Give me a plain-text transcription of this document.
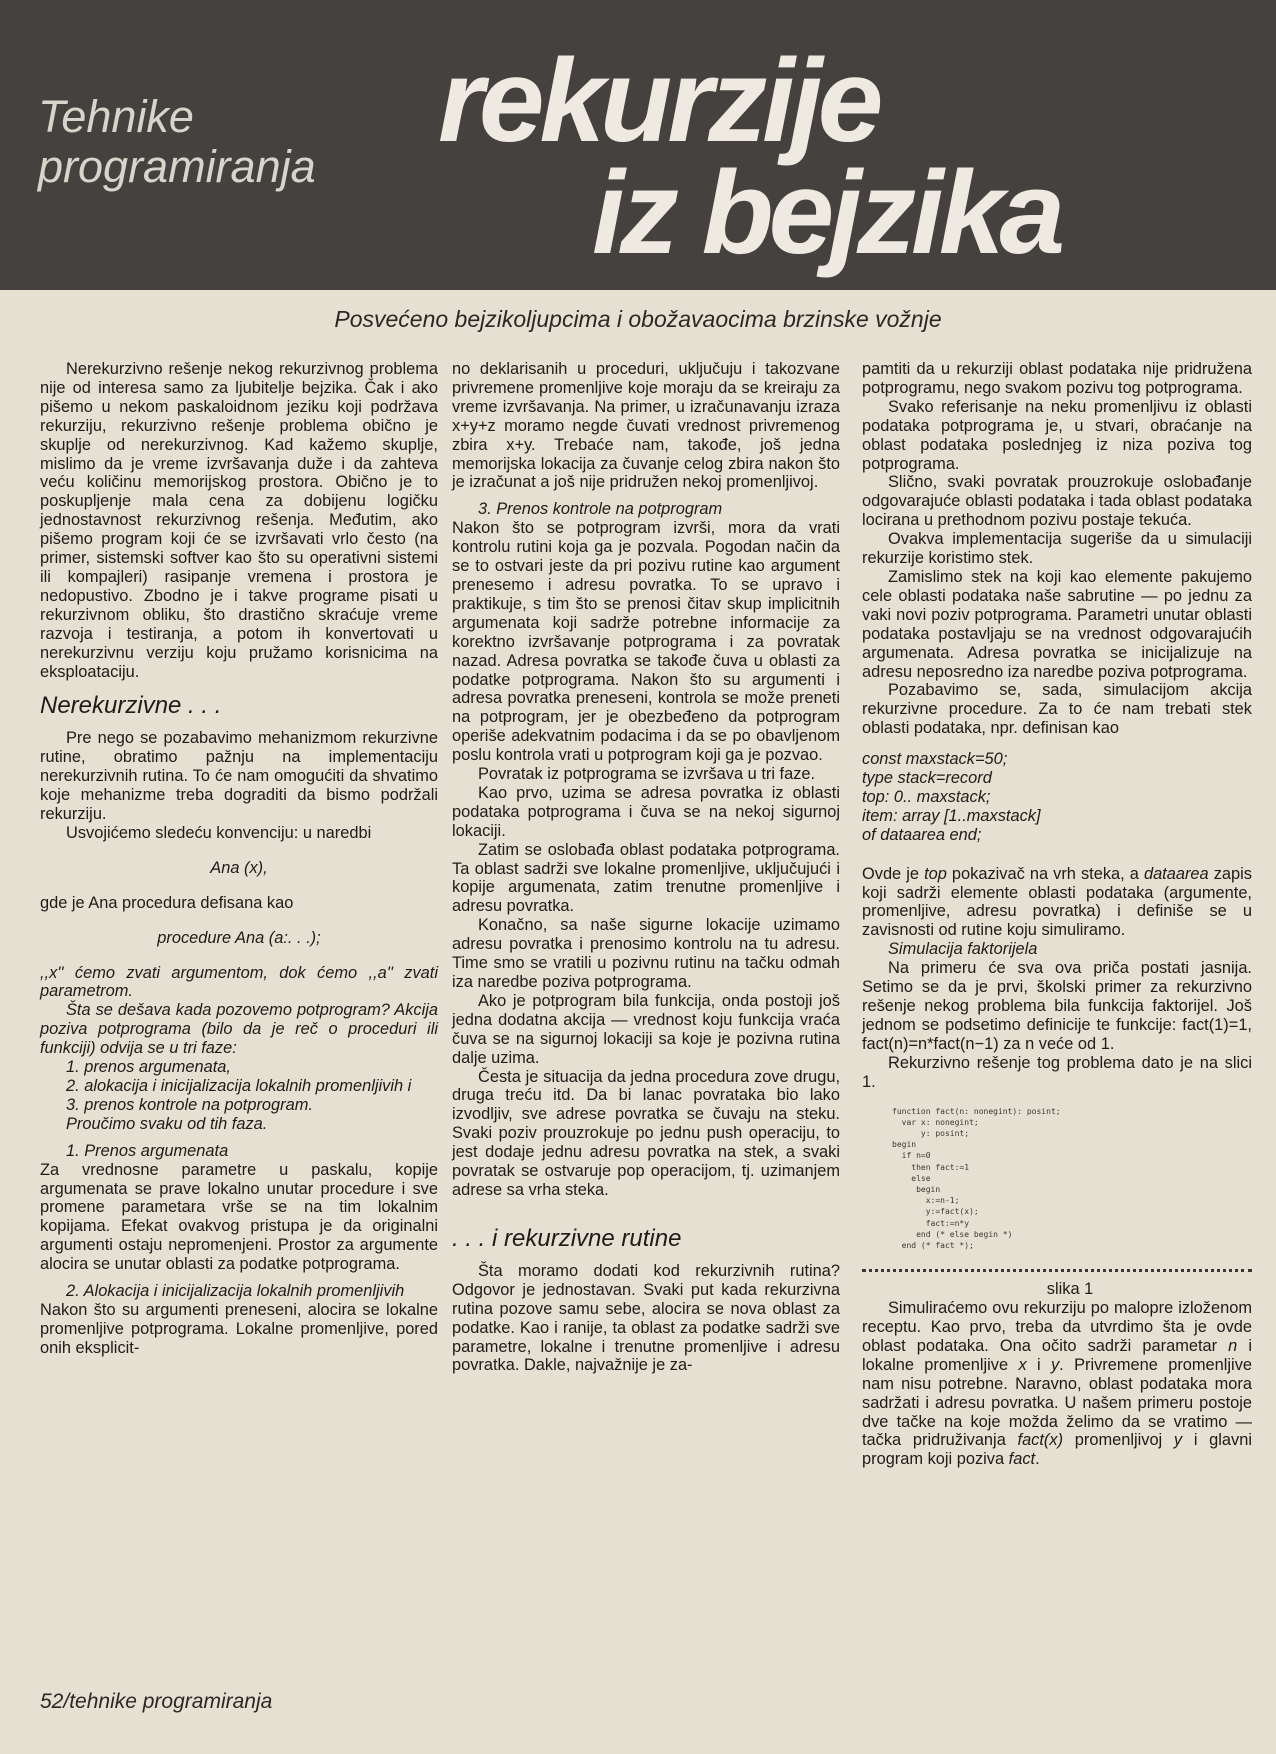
Tehnike
programiranja rekurzije
iz bejzika
Posvećeno bejzikoljupcima i obožavaocima brzinske vožnje

Nerekurzivno rešenje nekog rekurzivnog problema nije od interesa samo za ljubitelje bejzika. Čak i ako pišemo u nekom paskaloidnom jeziku koji podržava rekurziju, rekurzivno rešenje problema obično je skuplje od nerekurzivnog. Kad kažemo skuplje, mislimo da je vreme izvršavanja duže i da zahteva veću količinu memorijskog prostora. Obično je to poskupljenje mala cena za dobijenu logičku jednostavnost rekurzivnog rešenja. Međutim, ako pišemo program koji će se izvršavati vrlo često (na primer, sistemski softver kao što su operativni sistemi ili kompajleri) rasipanje vremena i prostora je nedopustivo. Zbodno je i takve programe pisati u rekurzivnom obliku, što drastično skraćuje vreme razvoja i testiranja, a potom ih konvertovati u nerekurzivnu verziju koju pružamo korisnicima na eksploataciju.

Nerekurzivne . . .

Pre nego se pozabavimo mehanizmom rekurzivne rutine, obratimo pažnju na implementaciju nerekurzivnih rutina. To će nam omogućiti da shvatimo koje mehanizme treba dograditi da bismo podržali rekurziju.

Usvojićemo sledeću konvenciju: u naredbi

Ana (x),

gde je Ana procedura defisana kao

procedure Ana (a:. . .);

,,x'' ćemo zvati argumentom, dok ćemo ,,a'' zvati parametrom.

Šta se dešava kada pozovemo potprogram? Akcija poziva potprograma (bilo da je reč o proceduri ili funkciji) odvija se u tri faze:

1. prenos argumenata,

2. alokacija i inicijalizacija lokalnih promenljivih i

3. prenos kontrole na potprogram.

Proučimo svaku od tih faza.

1. Prenos argumenata

Za vrednosne parametre u paskalu, kopije argumenata se prave lokalno unutar procedure i sve promene parametara vrše se na tim lokalnim kopijama. Efekat ovakvog pristupa je da originalni argumenti ostaju nepromenjeni. Prostor za argumente alocira se unutar oblasti za podatke potprograma.

2. Alokacija i inicijalizacija lokalnih promenljivih

Nakon što su argumenti preneseni, alocira se lokalne promenljive potprograma. Lokalne promenljive, pored onih eksplicit-

no deklarisanih u proceduri, uključuju i takozvane privremene promenljive koje moraju da se kreiraju za vreme izvršavanja. Na primer, u izračunavanju izraza x+y+z moramo negde čuvati vrednost privremenog zbira x+y. Trebaće nam, takođe, još jedna memorijska lokacija za čuvanje celog zbira nakon što je izračunat a još nije pridružen nekoj promenljivoj.

3. Prenos kontrole na potprogram

Nakon što se potprogram izvrši, mora da vrati kontrolu rutini koja ga je pozvala. Pogodan način da se to ostvari jeste da pri pozivu rutine kao argument prenesemo i adresu povratka. To se upravo i praktikuje, s tim što se prenosi čitav skup implicitnih argumenata koji sadrže potrebne informacije za korektno izvršavanje potprograma i za povratak nazad. Adresa povratka se takođe čuva u oblasti za podatke potprograma. Nakon što su argumenti i adresa povratka preneseni, kontrola se može preneti na potprogram, jer je obezbeđeno da potprogram operiše adekvatnim podacima i da se po obavljenom poslu kontrola vrati u potprogram koji ga je pozvao.

Povratak iz potprograma se izvršava u tri faze.

Kao prvo, uzima se adresa povratka iz oblasti podataka potprograma i čuva se na nekoj sigurnoj lokaciji.

Zatim se oslobađa oblast podataka potprograma. Ta oblast sadrži sve lokalne promenljive, uključujući i kopije argumenata, zatim trenutne promenljive i adresu povratka.

Konačno, sa naše sigurne lokacije uzimamo adresu povratka i prenosimo kontrolu na tu adresu. Time smo se vratili u pozivnu rutinu na tačku odmah iza naredbe poziva potprograma.

Ako je potprogram bila funkcija, onda postoji još jedna dodatna akcija — vrednost koju funkcija vraća čuva se na sigurnoj lokaciji sa koje je pozivna rutina dalje uzima.

Česta je situacija da jedna procedura zove drugu, druga treću itd. Da bi lanac povrataka bio lako izvodljiv, sve adrese povratka se čuvaju na steku. Svaki poziv prouzrokuje po jednu push operaciju, to jest dodaje jednu adresu povratka na stek, a svaki povratak se ostvaruje pop operacijom, tj. uzimanjem adrese sa vrha steka.

. . . i rekurzivne rutine

Šta moramo dodati kod rekurzivnih rutina? Odgovor je jednostavan. Svaki put kada rekurzivna rutina pozove samu sebe, alocira se nova oblast za podatke. Kao i ranije, ta oblast za podatke sadrži sve parametre, lokalne i trenutne promenljive i adresu povratka. Dakle, najvažnije je za-

pamtiti da u rekurziji oblast podataka nije pridružena potprogramu, nego svakom pozivu tog potprograma.

Svako referisanje na neku promenljivu iz oblasti podataka potprograma je, u stvari, obraćanje na oblast podataka poslednjeg iz niza poziva tog potprograma.

Slično, svaki povratak prouzrokuje oslobađanje odgovarajuće oblasti podataka i tada oblast podataka locirana u prethodnom pozivu postaje tekuća.

Ovakva implementacija sugeriše da u simulaciji rekurzije koristimo stek.

Zamislimo stek na koji kao elemente pakujemo cele oblasti podataka naše sabrutine — po jednu za vaki novi poziv potprograma. Parametri unutar oblasti podataka postavljaju se na vrednost odgovarajućih argumenata. Adresa povratka se inicijalizuje na adresu neposredno iza naredbe poziva potprograma.

Pozabavimo se, sada, simulacijom akcija rekurzivne procedure. Za to će nam trebati stek oblasti podataka, npr. definisan kao

const maxstack=50;
type stack=record
top: 0.. maxstack;
item: array [1..maxstack]
of dataarea end;

Ovde je top pokazivač na vrh steka, a dataarea zapis koji sadrži elemente oblasti podataka (argumente, promenljive, adresu povratka) i definiše se u zavisnosti od rutine koju simuliramo.

Simulacija faktorijela

Na primeru će sva ova priča postati jasnija. Setimo se da je prvi, školski primer za rekurzivno rešenje nekog problema bila funkcija faktorijel. Još jednom se podsetimo definicije te funkcije: fact(1)=1, fact(n)=n*fact(n−1) za n veće od 1.

Rekurzivno rešenje tog problema dato je na slici 1.

function fact(n: nonegint): posint;
var x: nonegint;
y: posint;
begin
if n=0
then fact:=1
else
begin
x:=n-1;
y:=fact(x);
fact:=n*y
end (* else begin *)
end (* fact *);

slika 1

Simuliraćemo ovu rekurziju po malopre izloženom receptu. Kao prvo, treba da utvrdimo šta je ovde oblast podataka. Ona očito sadrži parametar n i lokalne promenljive x i y. Privremene promenljive nam nisu potrebne. Naravno, oblast podataka mora sadržati i adresu povratka. U našem primeru postoje dve tačke na koje možda želimo da se vratimo — tačka pridruživanja fact(x) promenljivoj y i glavni program koji poziva fact.

52/tehnike programiranja
